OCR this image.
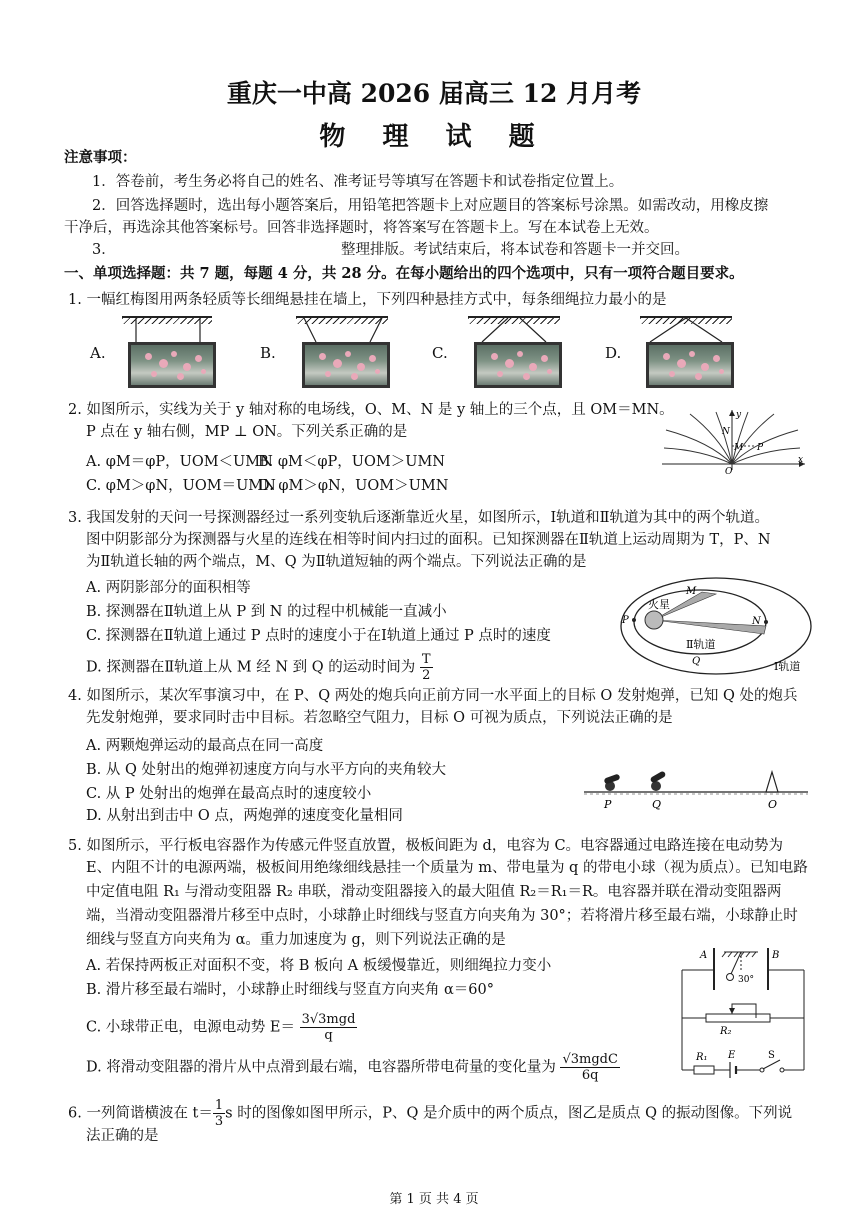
重庆一中高 2026 届高三 12 月月考
物 理 试 题
注意事项：
1．答卷前，考生务必将自己的姓名、准考证号等填写在答题卡和试卷指定位置上。
2．回答选择题时，选出每小题答案后，用铅笔把答题卡上对应题目的答案标号涂黑。如需改动，用橡皮擦
干净后，再选涂其他答案标号。回答非选择题时，将答案写在答题卡上。写在本试卷上无效。
3．	整理排版。考试结束后，将本试卷和答题卡一并交回。
一、单项选择题：共 7 题，每题 4 分，共 28 分。在每小题给出的四个选项中，只有一项符合题目要求。
1. 一幅红梅图用两条轻质等长细绳悬挂在墙上，下列四种悬挂方式中，每条细绳拉力最小的是
A.	B.	C.	D.
2. 如图所示，实线为关于 y 轴对称的电场线，O、M、N 是 y 轴上的三个点，且 OM＝MN。
P 点在 y 轴右侧，MP ⊥ ON。下列关系正确的是
A. φM＝φP，UOM＜UMN
B. φM＜φP，UOM＞UMN
C. φM＞φN，UOM＝UMN
D. φM＞φN，UOM＞UMN
y
x
N
M P
O
3. 我国发射的天问一号探测器经过一系列变轨后逐渐靠近火星，如图所示，Ⅰ轨道和Ⅱ轨道为其中的两个轨道。
图中阴影部分为探测器与火星的连线在相等时间内扫过的面积。已知探测器在Ⅱ轨道上运动周期为 T，P、N
为Ⅱ轨道长轴的两个端点，M、Q 为Ⅱ轨道短轴的两个端点。下列说法正确的是
A. 两阴影部分的面积相等
B. 探测器在Ⅱ轨道上从 P 到 N 的过程中机械能一直减小
C. 探测器在Ⅱ轨道上通过 P 点时的速度小于在Ⅰ轨道上通过 P 点时的速度
D. 探测器在Ⅱ轨道上从 M 经 N 到 Q 的运动时间为 $\frac{T}{2}$
火星
M
P	N
Q
Ⅱ轨道
Ⅰ轨道
4. 如图所示，某次军事演习中，在 P、Q 两处的炮兵向正前方同一水平面上的目标 O 发射炮弹，已知 Q 处的炮兵
先发射炮弹，要求同时击中目标。若忽略空气阻力，目标 O 可视为质点，下列说法正确的是
A. 两颗炮弹运动的最高点在同一高度
B. 从 Q 处射出的炮弹初速度方向与水平方向的夹角较大
C. 从 P 处射出的炮弹在最高点时的速度较小
D. 从射出到击中 O 点，两炮弹的速度变化量相同
P	Q	O
5. 如图所示，平行板电容器作为传感元件竖直放置，极板间距为 d，电容为 C。电容器通过电路连接在电动势为
E、内阻不计的电源两端，极板间用绝缘细线悬挂一个质量为 m、带电量为 q 的带电小球（视为质点）。已知电路
中定值电阻 R₁ 与滑动变阻器 R₂ 串联，滑动变阻器接入的最大阻值 R₂＝R₁＝R。电容器并联在滑动变阻器两
端，当滑动变阻器滑片移至中点时，小球静止时细线与竖直方向夹角为 30°；若将滑片移至最右端，小球静止时
细线与竖直方向夹角为 α。重力加速度为 g，则下列说法正确的是
A. 若保持两板正对面积不变，将 B 板向 A 板缓慢靠近，则细绳拉力变小
B. 滑片移至最右端时，小球静止时细线与竖直方向夹角 α＝60°
C. 小球带正电，电源电动势 $E= \frac{\text{3√3mgd}}{q}$
D. 将滑动变阻器的滑片从中点滑到最右端，电容器所带电荷量的变化量为 $\frac{\text{√3mgdC}}{6q}$
30°
A	B
R₂
R₁ E	S
6. 一列简谐横波在 $t= \frac{1}{3}$ s 时的图像如图甲所示，P、Q 是介质中的两个质点，图乙是质点 Q 的振动图像。下列说
法正确的是
第 1 页 共 4 页
